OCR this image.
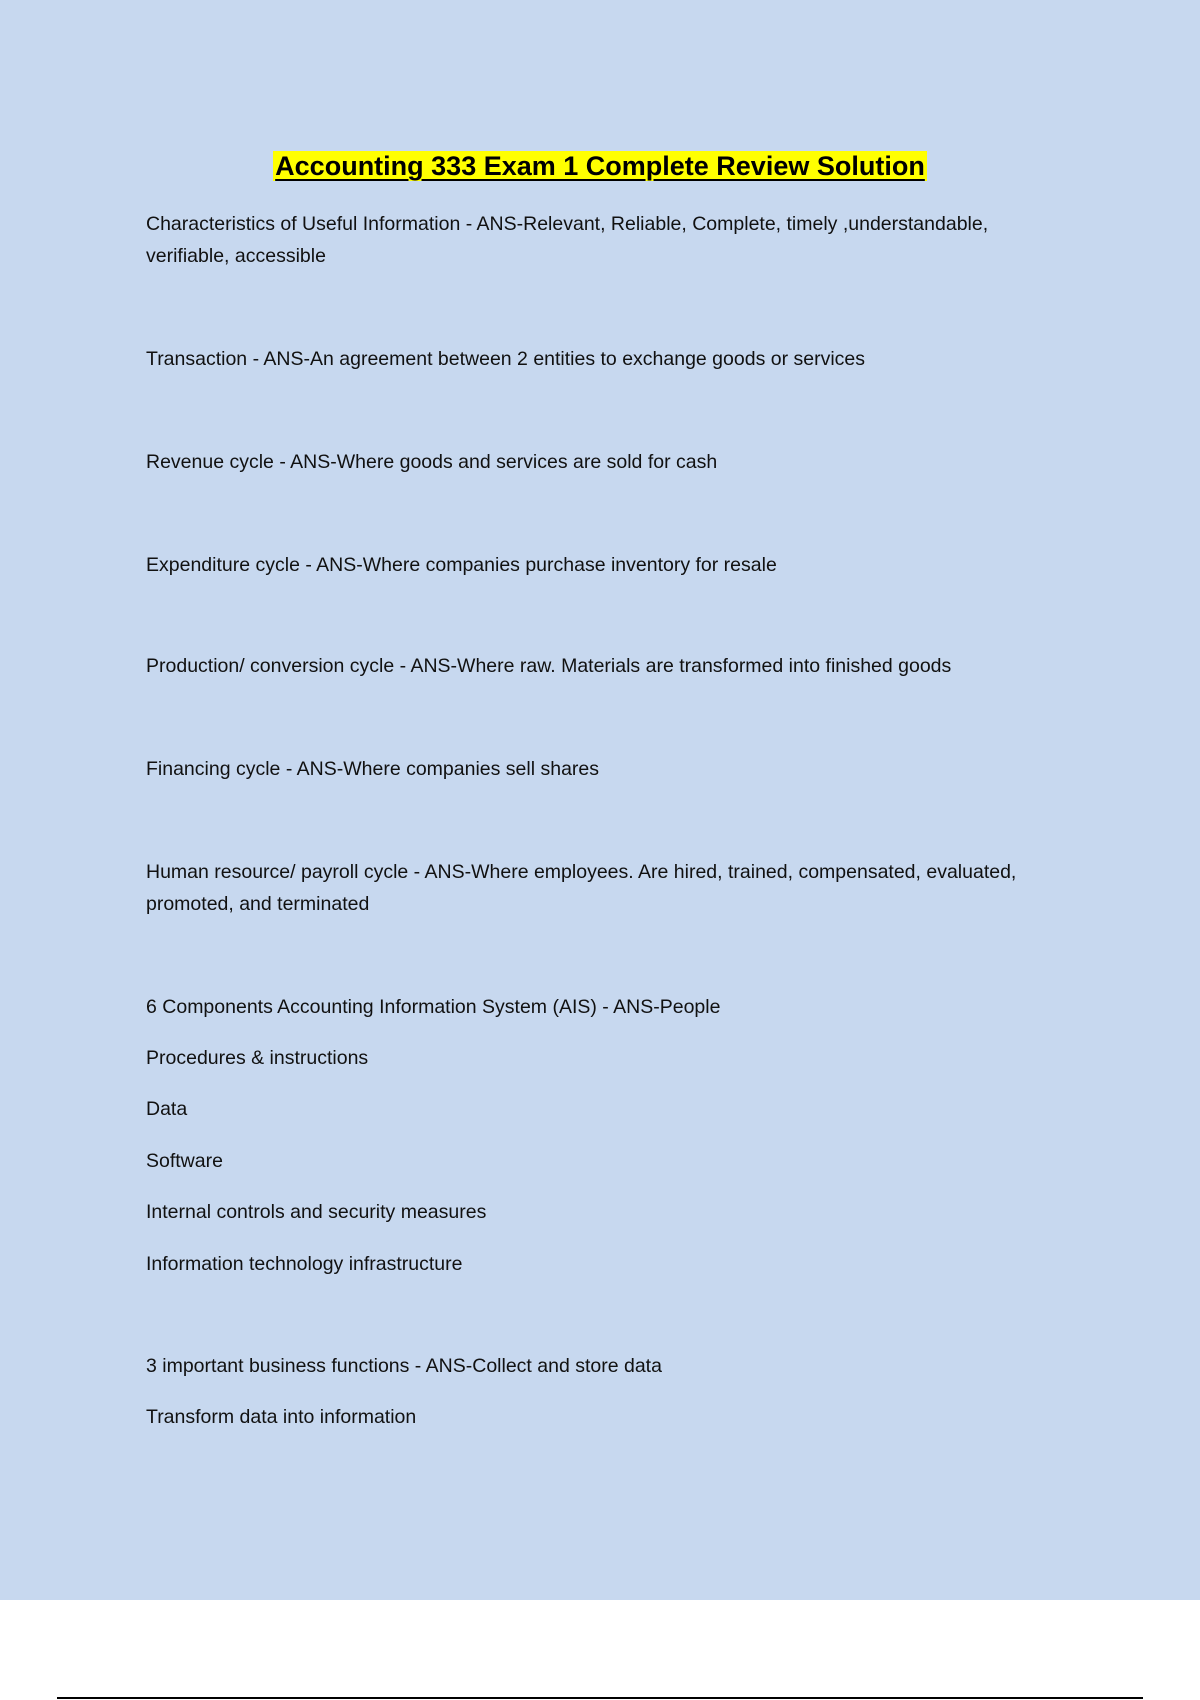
Accounting 333 Exam 1 Complete Review Solution
Characteristics of Useful Information - ANS-Relevant, Reliable, Complete, timely ,understandable,
verifiable, accessible
Transaction - ANS-An agreement between 2 entities to exchange goods or services
Revenue cycle - ANS-Where goods and services are sold for cash
Expenditure cycle - ANS-Where companies purchase inventory for resale
Production/ conversion cycle - ANS-Where raw. Materials are transformed into finished goods
Financing cycle - ANS-Where companies sell shares
Human resource/ payroll cycle - ANS-Where employees. Are hired, trained, compensated, evaluated,
promoted, and terminated
6 Components Accounting Information System (AIS) - ANS-People
Procedures & instructions
Data
Software
Internal controls and security measures
Information technology infrastructure
3 important business functions - ANS-Collect and store data
Transform data into information
